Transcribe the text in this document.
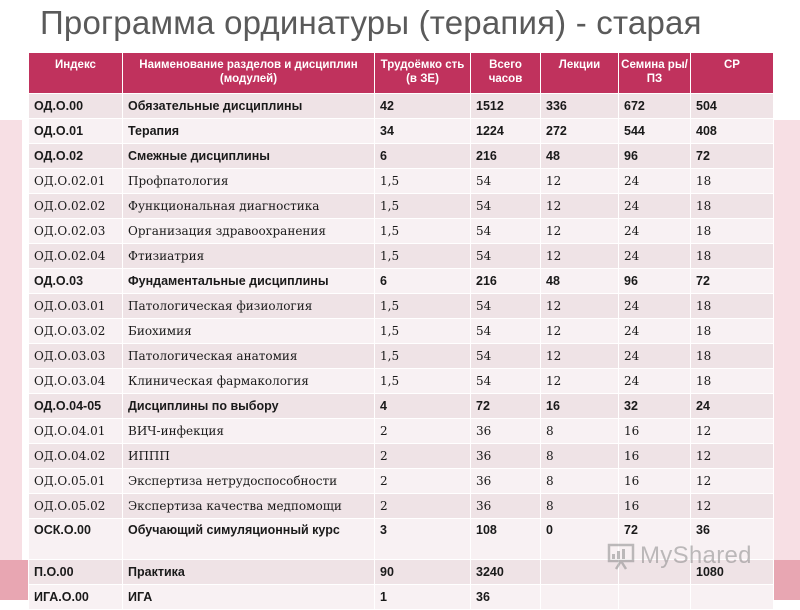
Программа ординатуры (терапия) - старая
Индекс	Наименование разделов и дисциплин (модулей)	Трудоёмко сть (в ЗЕ)	Всего часов	Лекции	Семина ры/ПЗ	СР
ОД.О.00	Обязательные дисциплины	42	1512	336	672	504
ОД.О.01	Терапия	34	1224	272	544	408
ОД.О.02	Смежные дисциплины	6	216	48	96	72
ОД.О.02.01	Профпатология	1,5	54	12	24	18
ОД.О.02.02	Функциональная диагностика	1,5	54	12	24	18
ОД.О.02.03	Организация здравоохранения	1,5	54	12	24	18
ОД.О.02.04	Фтизиатрия	1,5	54	12	24	18
ОД.О.03	Фундаментальные дисциплины	6	216	48	96	72
ОД.О.03.01	Патологическая физиология	1,5	54	12	24	18
ОД.О.03.02	Биохимия	1,5	54	12	24	18
ОД.О.03.03	Патологическая анатомия	1,5	54	12	24	18
ОД.О.03.04	Клиническая фармакология	1,5	54	12	24	18
ОД.О.04-05	Дисциплины по выбору	4	72	16	32	24
ОД.О.04.01	ВИЧ-инфекция	2	36	8	16	12
ОД.О.04.02	ИППП	2	36	8	16	12
ОД.О.05.01	Экспертиза нетрудоспособности	2	36	8	16	12
ОД.О.05.02	Экспертиза качества медпомощи	2	36	8	16	12
ОСК.О.00	Обучающий симуляционный курс	3	108	0	72	36
П.О.00	Практика	90	3240			1080
ИГА.О.00	ИГА	1	36			
MyShared
